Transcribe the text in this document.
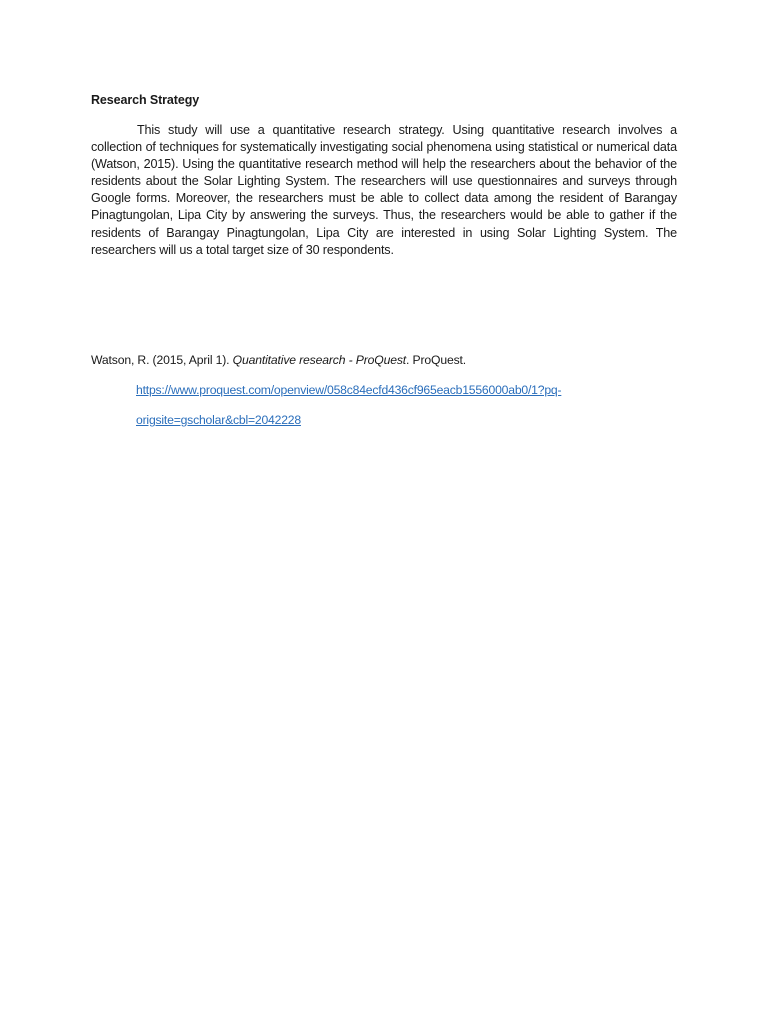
Research Strategy

This study will use a quantitative research strategy. Using quantitative research involves a collection of techniques for systematically investigating social phenomena using statistical or numerical data (Watson, 2015). Using the quantitative research method will help the researchers about the behavior of the residents about the Solar Lighting System. The researchers will use questionnaires and surveys through Google forms. Moreover, the researchers must be able to collect data among the resident of Barangay Pinagtungolan, Lipa City by answering the surveys. Thus, the researchers would be able to gather if the residents of Barangay Pinagtungolan, Lipa City are interested in using Solar Lighting System. The researchers will us a total target size of 30 respondents.

Watson, R. (2015, April 1). Quantitative research - ProQuest. ProQuest.
https://www.proquest.com/openview/058c84ecfd436cf965eacb1556000ab0/1?pq-
origsite=gscholar&cbl=2042228
